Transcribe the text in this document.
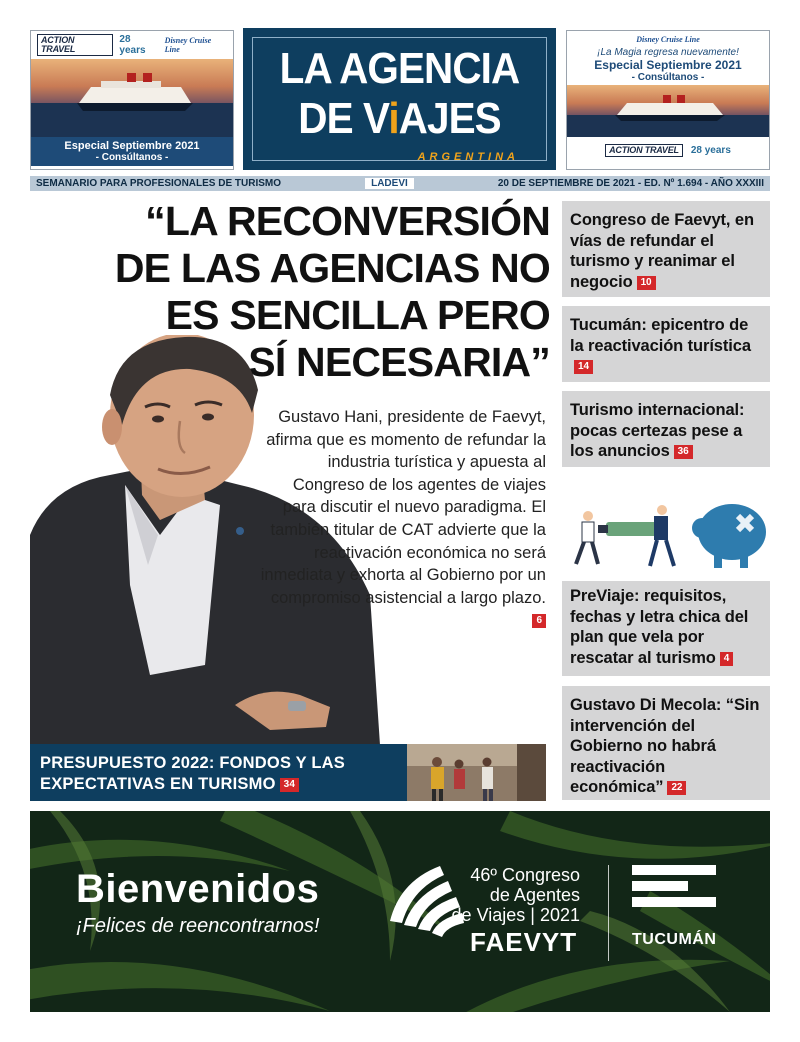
ACTION TRAVEL
28 years
Disney Cruise Line
Especial Septiembre 2021
- Consúltanos -
LA AGENCIA
DE ViAJES
ARGENTINA
Disney Cruise Line
¡La Magia regresa nuevamente!
Especial Septiembre 2021
- Consúltanos -
ACTION TRAVEL	28 years
SEMANARIO PARA PROFESIONALES DE TURISMO	LADEVI	20 DE SEPTIEMBRE DE 2021 - ED. Nº 1.694 - AÑO XXXIII
“LA RECONVERSIÓN
DE LAS AGENCIAS NO
ES SENCILLA PERO
SÍ NECESARIA”
Gustavo Hani, presidente de Faevyt, afirma que es momento de refundar la industria turística y apuesta al Congreso de los agentes de viajes para discutir el nuevo paradigma. El también titular de CAT advierte que la reactivación económica no será inmediata y exhorta al Gobierno por un compromiso asistencial a largo plazo.6
PRESUPUESTO 2022: FONDOS Y LAS EXPECTATIVAS EN TURISMO 34
Congreso de Faevyt, en vías de refundar el turismo y reanimar el negocio 10
Tucumán: epicentro de la reactivación turística14
Turismo internacional: pocas certezas pese a los anuncios 36
PreViaje: requisitos, fechas y letra chica del plan que vela por rescatar al turismo 4
Gustavo Di Mecola: “Sin intervención del Gobierno no habrá reactivación económica” 22
Bienvenidos
¡Felices de reencontrarnos!
46º Congreso
de Agentes
de Viajes | 2021
FAEVYT	TUCUMÁN
